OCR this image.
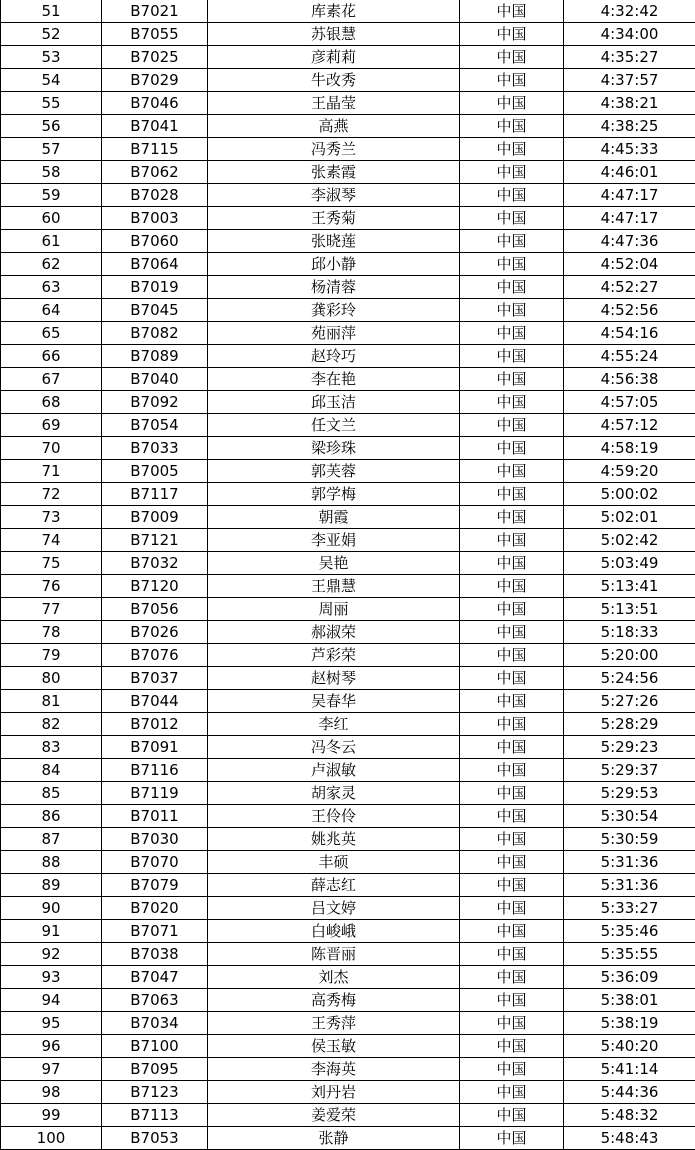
51	B7021	库素花	中国	4:32:42
52	B7055	苏银慧	中国	4:34:00
53	B7025	彦莉莉	中国	4:35:27
54	B7029	牛改秀	中国	4:37:57
55	B7046	王晶莹	中国	4:38:21
56	B7041	高燕	中国	4:38:25
57	B7115	冯秀兰	中国	4:45:33
58	B7062	张素霞	中国	4:46:01
59	B7028	李淑琴	中国	4:47:17
60	B7003	王秀菊	中国	4:47:17
61	B7060	张晓莲	中国	4:47:36
62	B7064	邱小静	中国	4:52:04
63	B7019	杨清蓉	中国	4:52:27
64	B7045	龚彩玲	中国	4:52:56
65	B7082	苑丽萍	中国	4:54:16
66	B7089	赵玲巧	中国	4:55:24
67	B7040	李在艳	中国	4:56:38
68	B7092	邱玉洁	中国	4:57:05
69	B7054	任文兰	中国	4:57:12
70	B7033	梁珍珠	中国	4:58:19
71	B7005	郭芙蓉	中国	4:59:20
72	B7117	郭学梅	中国	5:00:02
73	B7009	朝霞	中国	5:02:01
74	B7121	李亚娟	中国	5:02:42
75	B7032	吴艳	中国	5:03:49
76	B7120	王鼎慧	中国	5:13:41
77	B7056	周丽	中国	5:13:51
78	B7026	郝淑荣	中国	5:18:33
79	B7076	芦彩荣	中国	5:20:00
80	B7037	赵树琴	中国	5:24:56
81	B7044	吴春华	中国	5:27:26
82	B7012	李红	中国	5:28:29
83	B7091	冯冬云	中国	5:29:23
84	B7116	卢淑敏	中国	5:29:37
85	B7119	胡家灵	中国	5:29:53
86	B7011	王伶伶	中国	5:30:54
87	B7030	姚兆英	中国	5:30:59
88	B7070	丰硕	中国	5:31:36
89	B7079	薛志红	中国	5:31:36
90	B7020	吕文婷	中国	5:33:27
91	B7071	白峻峨	中国	5:35:46
92	B7038	陈晋丽	中国	5:35:55
93	B7047	刘杰	中国	5:36:09
94	B7063	高秀梅	中国	5:38:01
95	B7034	王秀萍	中国	5:38:19
96	B7100	侯玉敏	中国	5:40:20
97	B7095	李海英	中国	5:41:14
98	B7123	刘丹岩	中国	5:44:36
99	B7113	姜爱荣	中国	5:48:32
100	B7053	张静	中国	5:48:43
